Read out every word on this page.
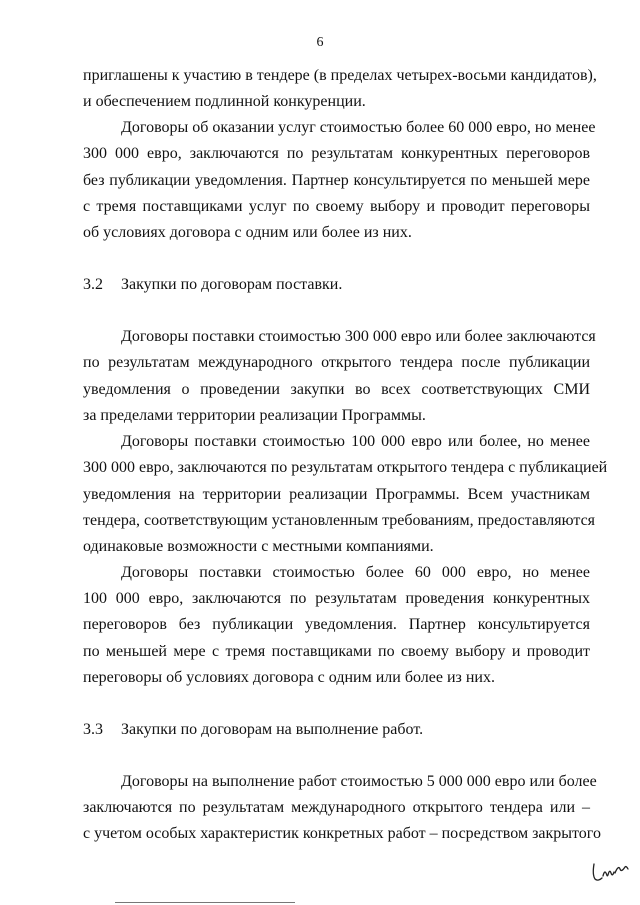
6
приглашены к участию в тендере (в пределах четырех-восьми кандидатов),
и обеспечением подлинной конкуренции.
Договоры об оказании услуг стоимостью более 60 000 евро, но менее
300 000 евро, заключаются по результатам конкурентных переговоров
без публикации уведомления. Партнер консультируется по меньшей мере
с тремя поставщиками услуг по своему выбору и проводит переговоры
об условиях договора с одним или более из них.
3.2 Закупки по договорам поставки.
Договоры поставки стоимостью 300 000 евро или более заключаются
по результатам международного открытого тендера после публикации
уведомления о проведении закупки во всех соответствующих СМИ
за пределами территории реализации Программы.
Договоры поставки стоимостью 100 000 евро или более, но менее
300 000 евро, заключаются по результатам открытого тендера с публикацией
уведомления на территории реализации Программы. Всем участникам
тендера, соответствующим установленным требованиям, предоставляются
одинаковые возможности с местными компаниями.
Договоры поставки стоимостью более 60 000 евро, но менее
100 000 евро, заключаются по результатам проведения конкурентных
переговоров без публикации уведомления. Партнер консультируется
по меньшей мере с тремя поставщиками по своему выбору и проводит
переговоры об условиях договора с одним или более из них.
3.3 Закупки по договорам на выполнение работ.
Договоры на выполнение работ стоимостью 5 000 000 евро или более
заключаются по результатам международного открытого тендера или –
с учетом особых характеристик конкретных работ – посредством закрытого
